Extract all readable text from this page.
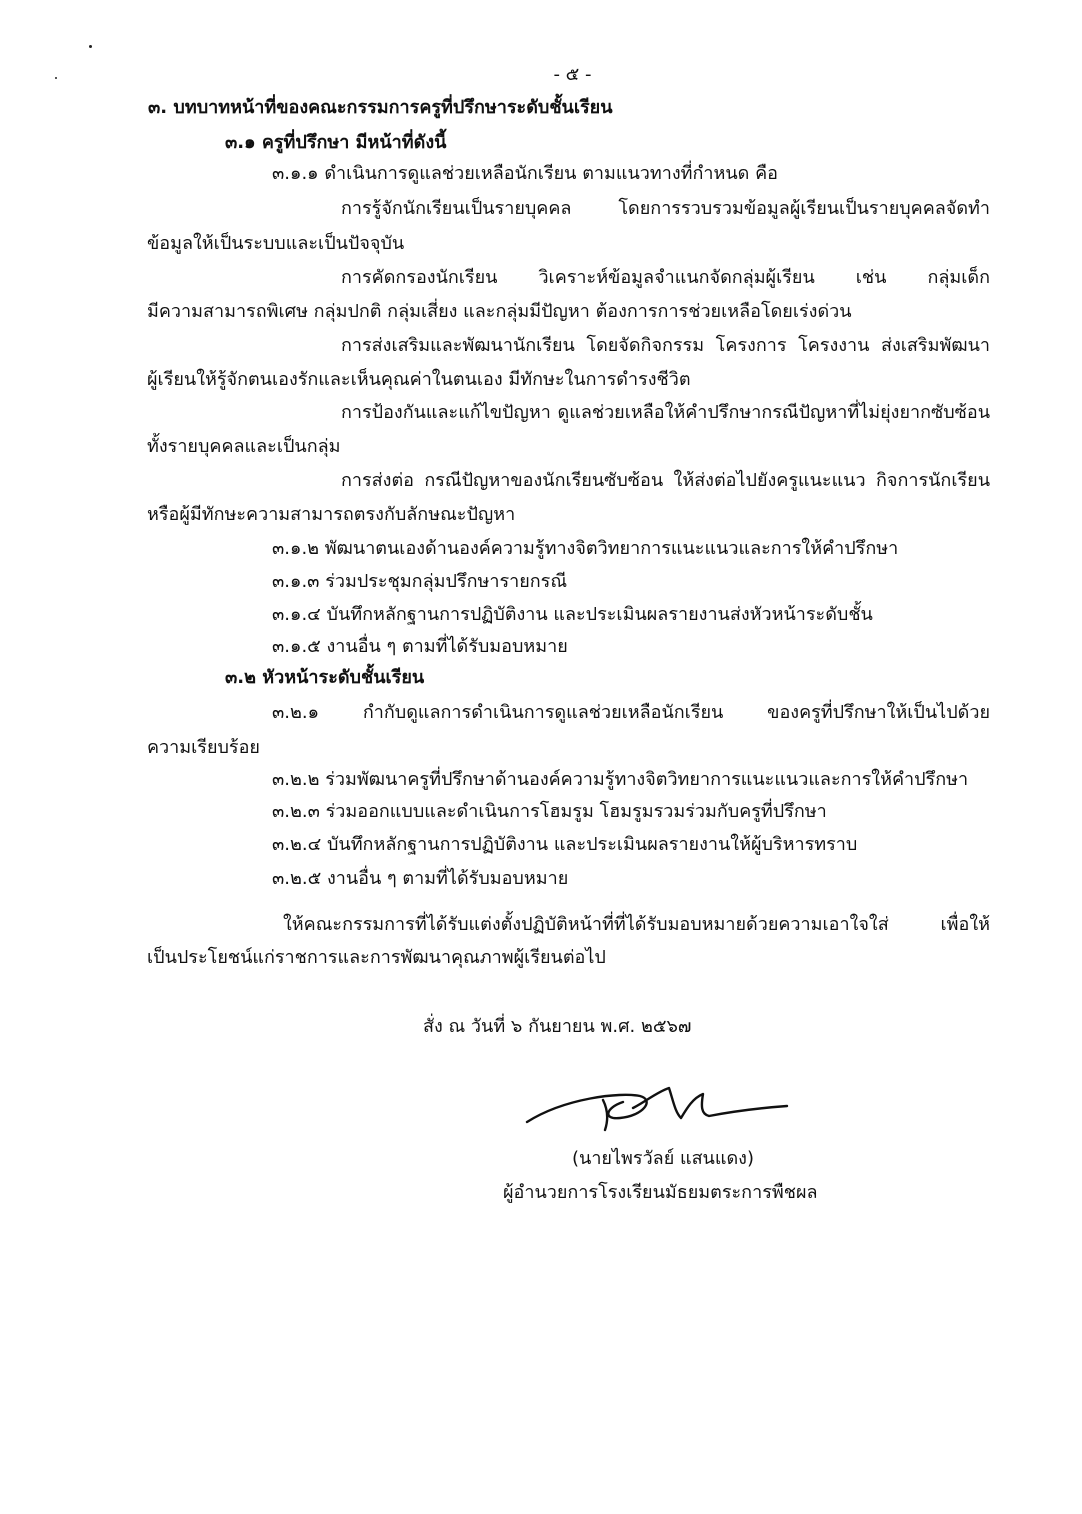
- ๕ -
๓. บทบาทหน้าที่ของคณะกรรมการครูที่ปรึกษาระดับชั้นเรียน
๓.๑ ครูที่ปรึกษา มีหน้าที่ดังนี้
๓.๑.๑ ดำเนินการดูแลช่วยเหลือนักเรียน ตามแนวทางที่กำหนด คือ
การรู้จักนักเรียนเป็นรายบุคคล โดยการรวบรวมข้อมูลผู้เรียนเป็นรายบุคคลจัดทำ
ข้อมูลให้เป็นระบบและเป็นปัจจุบัน
การคัดกรองนักเรียน วิเคราะห์ข้อมูลจำแนกจัดกลุ่มผู้เรียน เช่น กลุ่มเด็ก
มีความสามารถพิเศษ กลุ่มปกติ กลุ่มเสี่ยง และกลุ่มมีปัญหา ต้องการการช่วยเหลือโดยเร่งด่วน
การส่งเสริมและพัฒนานักเรียน โดยจัดกิจกรรม โครงการ โครงงาน ส่งเสริมพัฒนา
ผู้เรียนให้รู้จักตนเองรักและเห็นคุณค่าในตนเอง มีทักษะในการดำรงชีวิต
การป้องกันและแก้ไขปัญหา ดูแลช่วยเหลือให้คำปรึกษากรณีปัญหาที่ไม่ยุ่งยากซับซ้อน
ทั้งรายบุคคลและเป็นกลุ่ม
การส่งต่อ กรณีปัญหาของนักเรียนซับซ้อน ให้ส่งต่อไปยังครูแนะแนว กิจการนักเรียน
หรือผู้มีทักษะความสามารถตรงกับลักษณะปัญหา
๓.๑.๒ พัฒนาตนเองด้านองค์ความรู้ทางจิตวิทยาการแนะแนวและการให้คำปรึกษา
๓.๑.๓ ร่วมประชุมกลุ่มปรึกษารายกรณี
๓.๑.๔ บันทึกหลักฐานการปฏิบัติงาน และประเมินผลรายงานส่งหัวหน้าระดับชั้น
๓.๑.๕ งานอื่น ๆ ตามที่ได้รับมอบหมาย
๓.๒ หัวหน้าระดับชั้นเรียน
๓.๒.๑ กำกับดูแลการดำเนินการดูแลช่วยเหลือนักเรียน ของครูที่ปรึกษาให้เป็นไปด้วย
ความเรียบร้อย
๓.๒.๒ ร่วมพัฒนาครูที่ปรึกษาด้านองค์ความรู้ทางจิตวิทยาการแนะแนวและการให้คำปรึกษา
๓.๒.๓ ร่วมออกแบบและดำเนินการโฮมรูม โฮมรูมรวมร่วมกับครูที่ปรึกษา
๓.๒.๔ บันทึกหลักฐานการปฏิบัติงาน และประเมินผลรายงานให้ผู้บริหารทราบ
๓.๒.๕ งานอื่น ๆ ตามที่ได้รับมอบหมาย
ให้คณะกรรมการที่ได้รับแต่งตั้งปฏิบัติหน้าที่ที่ได้รับมอบหมายด้วยความเอาใจใส่ เพื่อให้
เป็นประโยชน์แก่ราชการและการพัฒนาคุณภาพผู้เรียนต่อไป
สั่ง ณ วันที่ ๖ กันยายน พ.ศ. ๒๕๖๗
(นายไพรวัลย์ แสนแดง)
ผู้อำนวยการโรงเรียนมัธยมตระการพืชผล
